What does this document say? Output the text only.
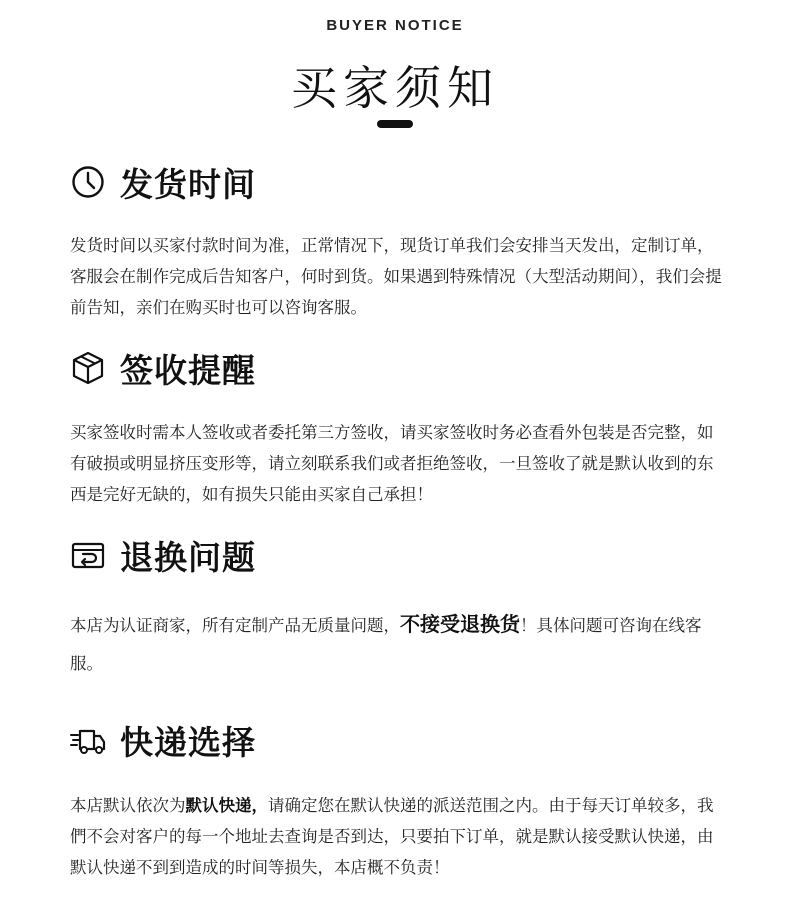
BUYER NOTICE
买家须知
发货时间
发货时间以买家付款时间为准，正常情况下，现货订单我们会安排当天发出，定制订单，客服会在制作完成后告知客户，何时到货。如果遇到特殊情况（大型活动期间），我们会提前告知，亲们在购买时也可以咨询客服。
签收提醒
买家签收时需本人签收或者委托第三方签收，请买家签收时务必查看外包装是否完整，如有破损或明显挤压变形等，请立刻联系我们或者拒绝签收，一旦签收了就是默认收到的东西是完好无缺的，如有损失只能由买家自己承担！
退换问题
本店为认证商家，所有定制产品无质量问题，不接受退换货！具体问题可咨询在线客服。
快递选择
本店默认依次为默认快递，请确定您在默认快递的派送范围之内。由于每天订单较多，我們不会对客户的每一个地址去查询是否到达，只要拍下订单，就是默认接受默认快递，由默认快递不到到造成的时间等损失，本店概不负责！
